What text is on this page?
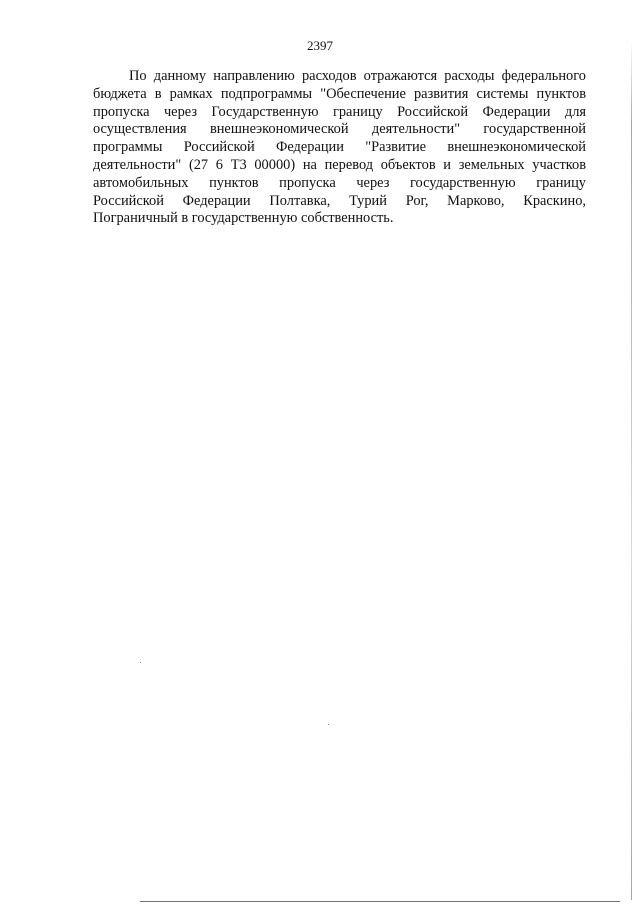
2397
По данному направлению расходов отражаются расходы федерального
бюджета в рамках подпрограммы "Обеспечение развития системы пунктов
пропуска через Государственную границу Российской Федерации для
осуществления внешнеэкономической деятельности" государственной
программы Российской Федерации "Развитие внешнеэкономической
деятельности" (27 6 Т3 00000) на перевод объектов и земельных участков
автомобильных пунктов пропуска через государственную границу
Российской Федерации Полтавка, Турий Рог, Марково, Краскино,
Пограничный в государственную собственность.
